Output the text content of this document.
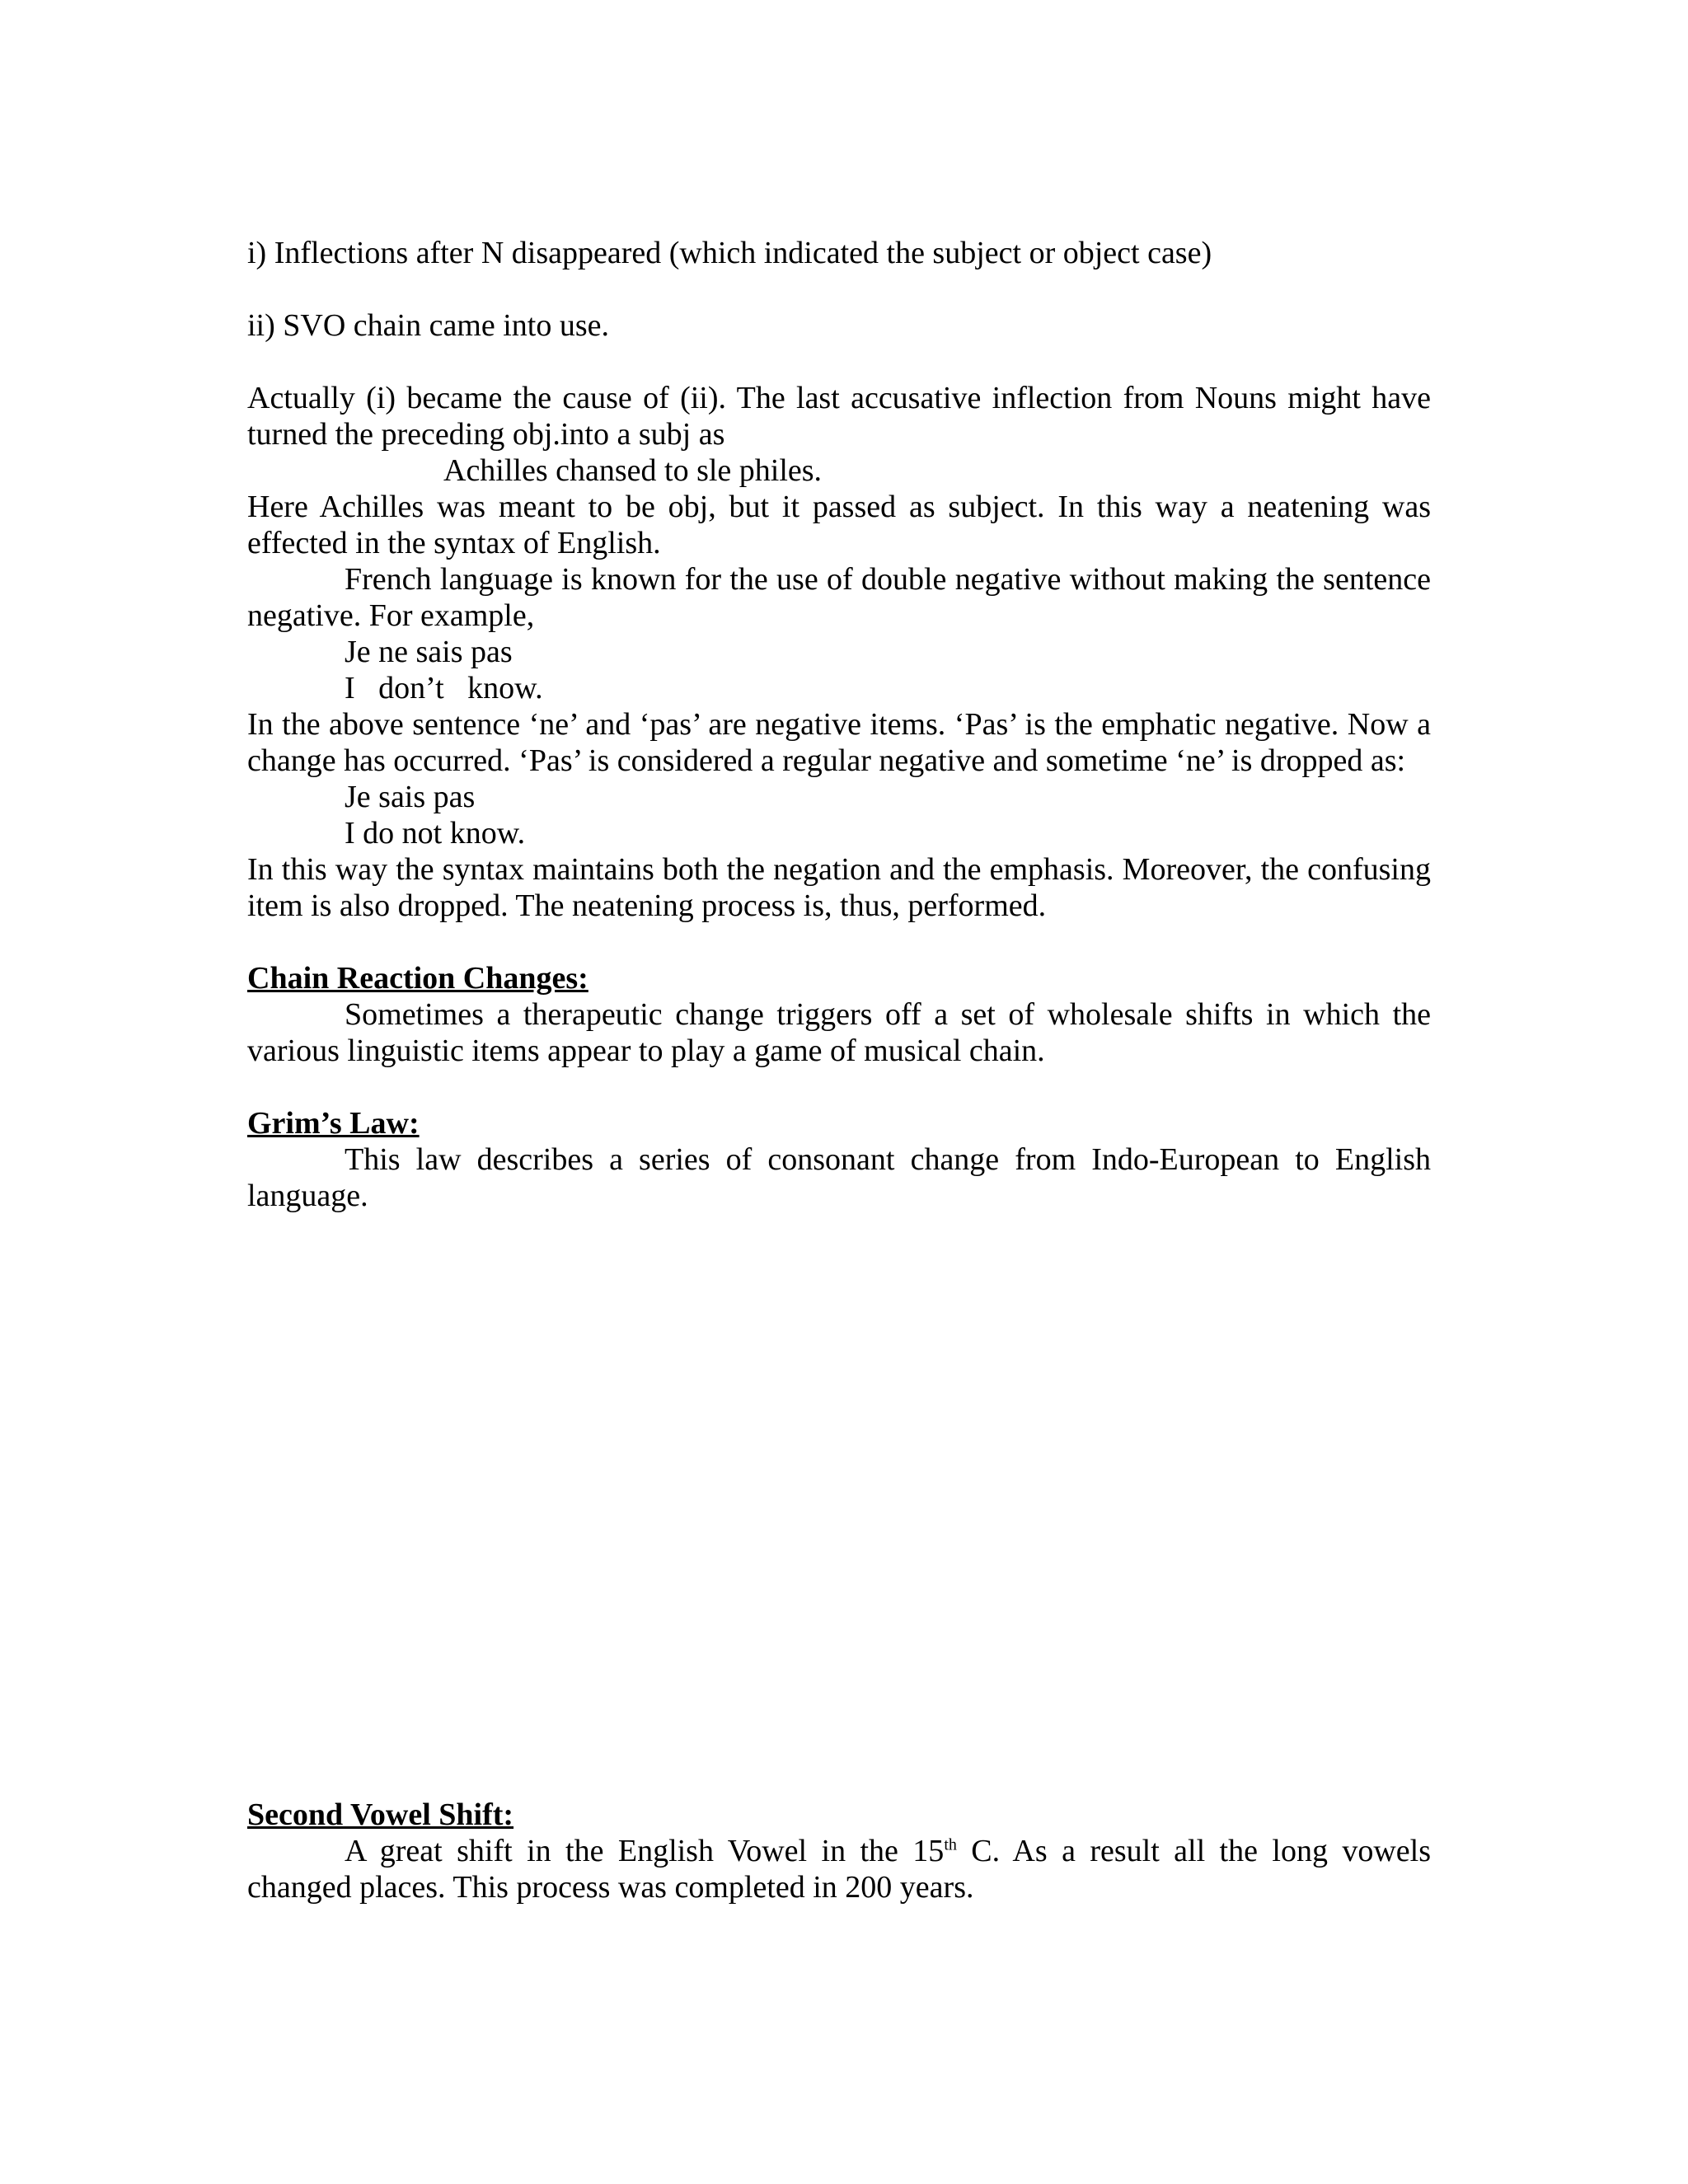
i) Inflections after N disappeared (which indicated the subject or object case)

ii) SVO chain came into use.

Actually (i) became the cause of (ii). The last accusative inflection from Nouns might have turned the preceding obj.into a subj as

Achilles chansed to sle philes.

Here Achilles was meant to be obj, but it passed as subject. In this way a neatening was effected in the syntax of English.

French language is known for the use of double negative without making the sentence negative. For example,

Je ne sais pas

I   don’t   know.

In the above sentence ‘ne’ and ‘pas’ are negative items. ‘Pas’ is the emphatic negative. Now a change has occurred. ‘Pas’ is considered a regular negative and sometime ‘ne’ is dropped as:

Je sais pas

I do not know.

In this way the syntax maintains both the negation and the emphasis. Moreover, the confusing item is also dropped. The neatening process is, thus, performed.

Chain Reaction Changes:

Sometimes a therapeutic change triggers off a set of wholesale shifts in which the various linguistic items appear to play a game of musical chain.

Grim’s Law:

This law describes a series of consonant change from Indo-European to English language.

Second Vowel Shift:

A great shift in the English Vowel in the 15th C. As a result all the long vowels changed places. This process was completed in 200 years.
